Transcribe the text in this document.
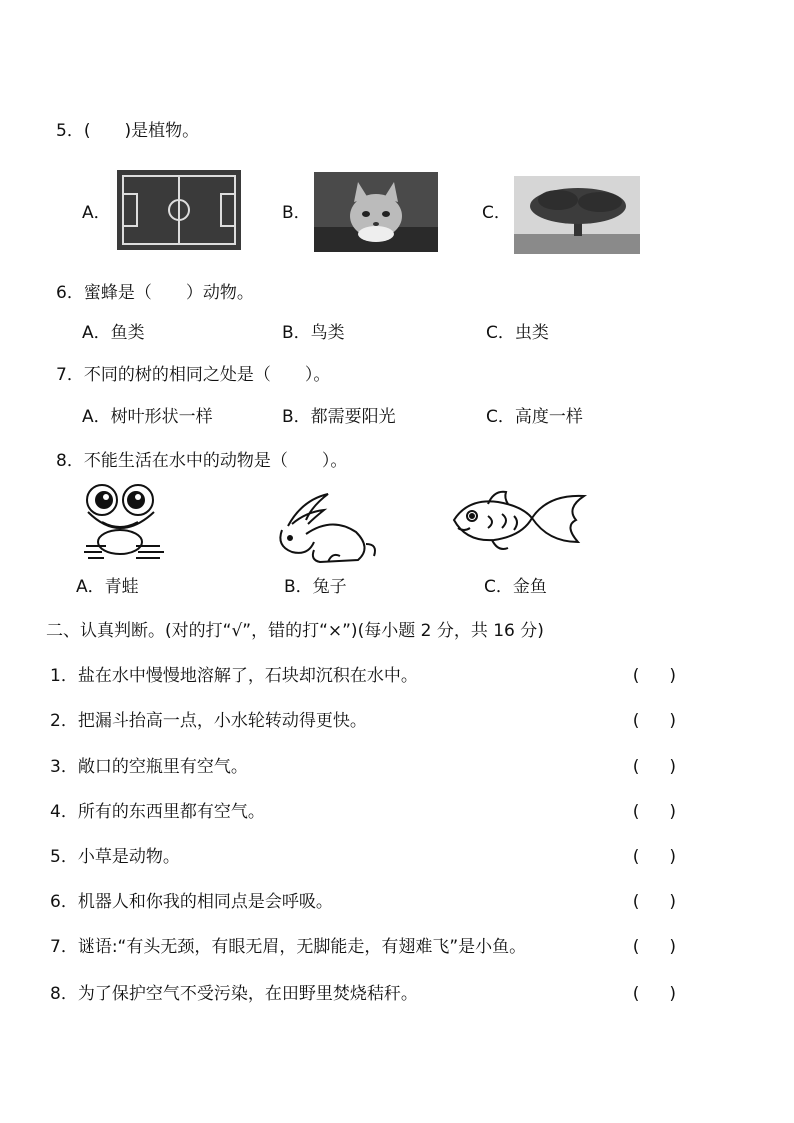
5．(　　)是植物。
A．	B．	C．
6．蜜蜂是（　　）动物。
A．鱼类	B．鸟类	C．虫类
7．不同的树的相同之处是（　　）。
A．树叶形状一样	B．都需要阳光	C．高度一样
8．不能生活在水中的动物是（　　）。
A．青蛙	B．兔子	C．金鱼
二、认真判断。(对的打“√”，错的打“×”)(每小题 2 分，共 16 分)
1．盐在水中慢慢地溶解了，石块却沉积在水中。	( )
2．把漏斗抬高一点，小水轮转动得更快。	( )
3．敞口的空瓶里有空气。	( )
4．所有的东西里都有空气。	( )
5．小草是动物。	( )
6．机器人和你我的相同点是会呼吸。	( )
7．谜语:“有头无颈，有眼无眉，无脚能走，有翅难飞”是小鱼。	( )
8．为了保护空气不受污染，在田野里焚烧秸秆。	( )
